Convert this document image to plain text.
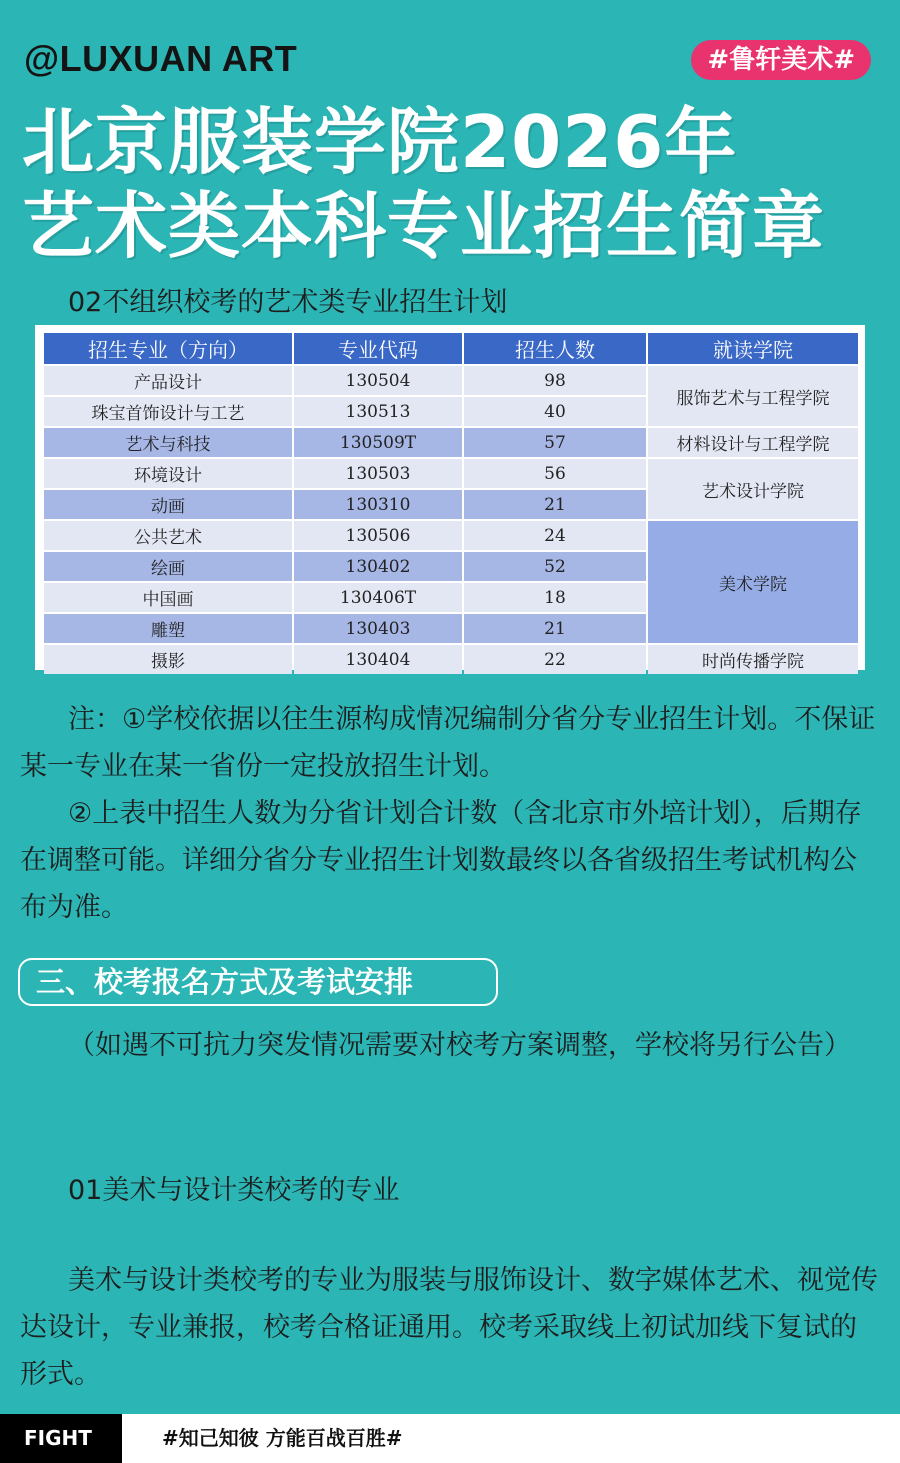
@LUXUAN ART	#鲁轩美术#
北京服装学院2026年
艺术类本科专业招生简章
02不组织校考的艺术类专业招生计划
招生专业（方向）	专业代码	招生人数	就读学院
产品设计	130504	98	服饰艺术与工程学院
珠宝首饰设计与工艺	130513	40	
艺术与科技	130509T	57	材料设计与工程学院
环境设计	130503	56	艺术设计学院
动画	130310	21	
公共艺术	130506	24	美术学院
绘画	130402	52	
中国画	130406T	18	
雕塑	130403	21	
摄影	130404	22	时尚传播学院

注：①学校依据以往生源构成情况编制分省分专业招生计划。不保证某一专业在某一省份一定投放招生计划。

②上表中招生人数为分省计划合计数（含北京市外培计划），后期存在调整可能。详细分省分专业招生计划数最终以各省级招生考试机构公布为准。

三、校考报名方式及考试安排

（如遇不可抗力突发情况需要对校考方案调整，学校将另行公告）

01美术与设计类校考的专业

美术与设计类校考的专业为服装与服饰设计、数字媒体艺术、视觉传达设计，专业兼报，校考合格证通用。校考采取线上初试加线下复试的形式。

FIGHT	#知己知彼 方能百战百胜#
